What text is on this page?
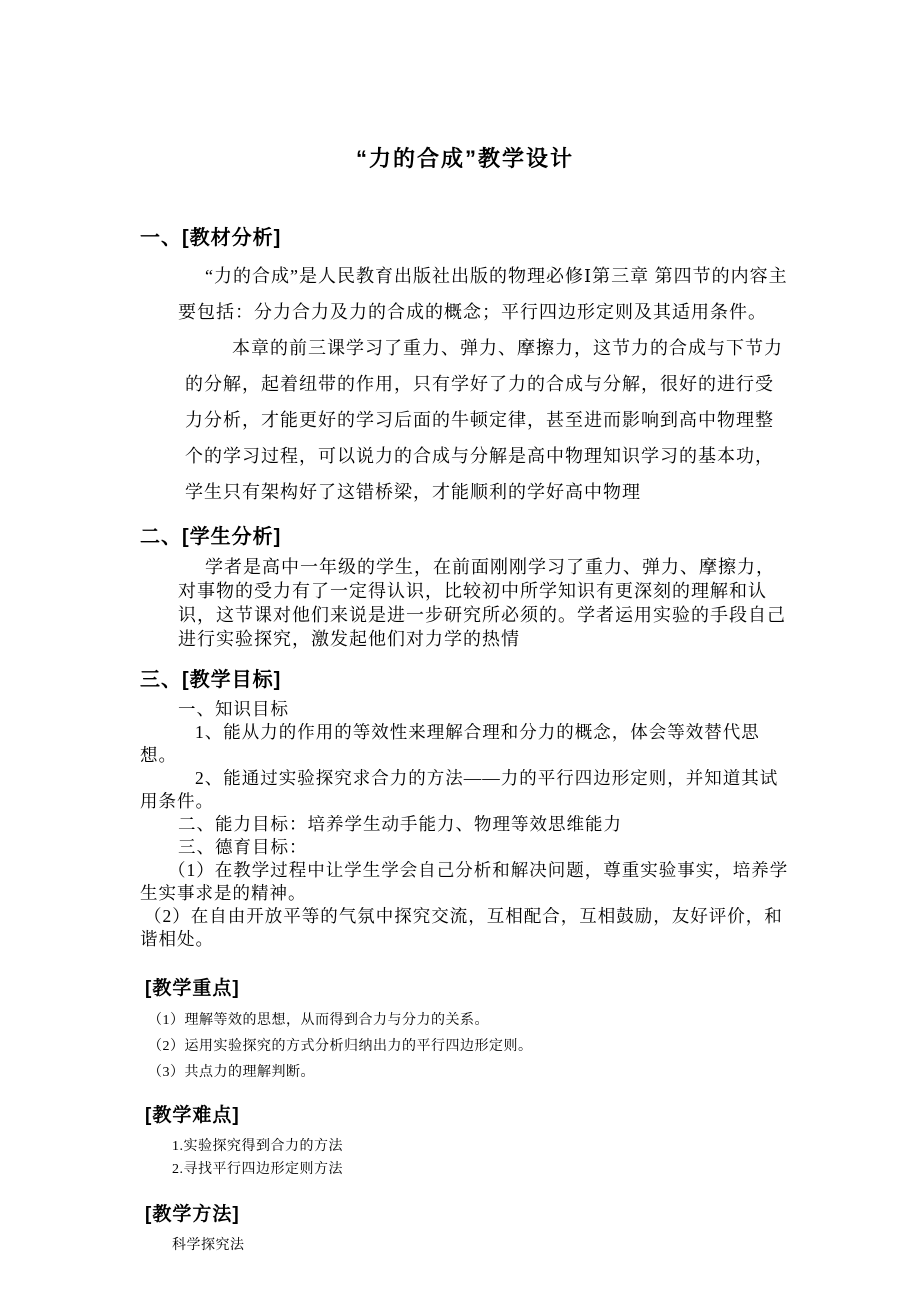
“力的合成”教学设计
一、[教材分析]

“力的合成”是人民教育出版社出版的物理必修Ⅰ第三章 第四节的内容主要包括：分力合力及力的合成的概念；平行四边形定则及其适用条件。

本章的前三课学习了重力、弹力、摩擦力，这节力的合成与下节力的分解，起着纽带的作用，只有学好了力的合成与分解，很好的进行受力分析，才能更好的学习后面的牛顿定律，甚至进而影响到高中物理整个的学习过程，可以说力的合成与分解是高中物理知识学习的基本功，学生只有架构好了这错桥梁，才能顺利的学好高中物理

二、[学生分析]

学者是高中一年级的学生，在前面刚刚学习了重力、弹力、摩擦力，对事物的受力有了一定得认识，比较初中所学知识有更深刻的理解和认识，这节课对他们来说是进一步研究所必须的。学者运用实验的手段自己进行实验探究，激发起他们对力学的热情

三、[教学目标]
一、知识目标
1、能从力的作用的等效性来理解合理和分力的概念，体会等效替代思想。
2、能通过实验探究求合力的方法——力的平行四边形定则，并知道其试用条件。
二、能力目标：培养学生动手能力、物理等效思维能力
三、德育目标：
（1）在教学过程中让学生学会自己分析和解决问题，尊重实验事实，培养学生实事求是的精神。
（2）在自由开放平等的气氛中探究交流，互相配合，互相鼓励，友好评价，和谐相处。
[教学重点]
（1）理解等效的思想，从而得到合力与分力的关系。
（2）运用实验探究的方式分析归纳出力的平行四边形定则。
（3）共点力的理解判断。
[教学难点]
1.实验探究得到合力的方法
2.寻找平行四边形定则方法
[教学方法]
科学探究法
